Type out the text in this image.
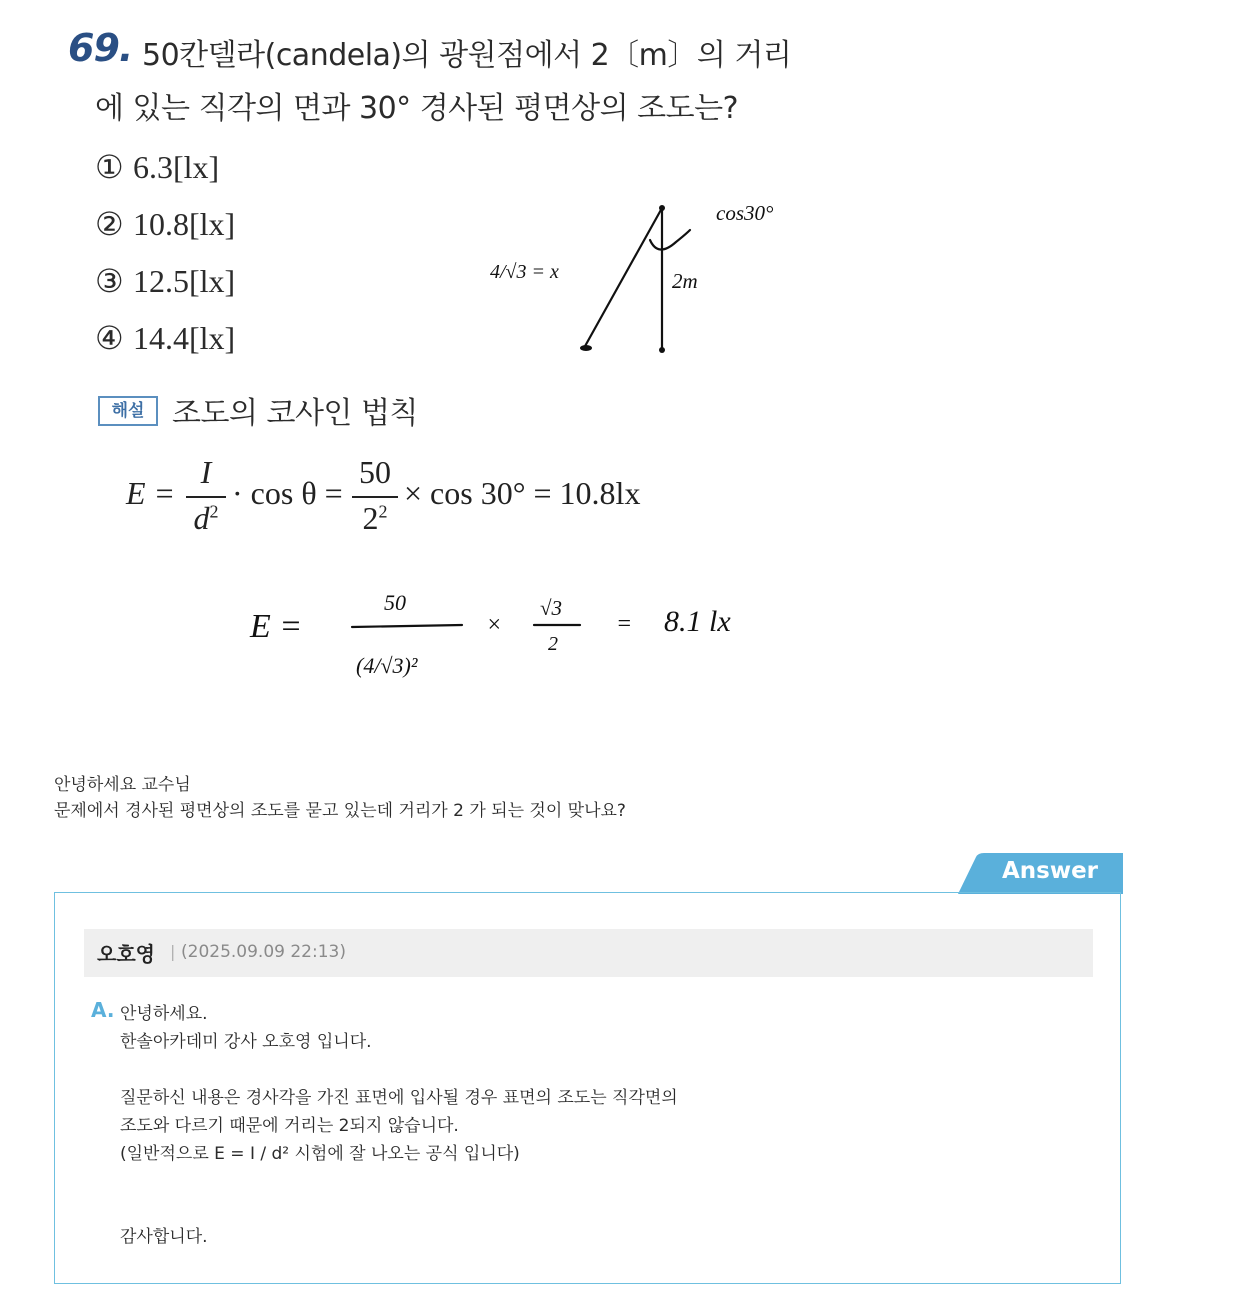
69. 50칸델라(candela)의 광원점에서 2〔m〕의 거리
에 있는 직각의 면과 30° 경사된 평면상의 조도는?
① 6.3[lx]
② 10.8[lx]
③ 12.5[lx]
④ 14.4[lx]
cos30°
2m
4/√3 = x
해설 조도의 코사인 법칙
E =
I
$d^2$
· cos θ =
50
$2^2$
× cos 30° = 10.8lx
E =
50
(4/√3)²
×
√3
2
= 8.1 lx
안녕하세요 교수님
문제에서 경사된 평면상의 조도를 묻고 있는데 거리가 2 가 되는 것이 맞나요?
Answer
오호영 | (2025.09.09 22:13)
A. 안녕하세요.
한솔아카데미 강사 오호영 입니다.
질문하신 내용은 경사각을 가진 표면에 입사될 경우 표면의 조도는 직각면의
조도와 다르기 때문에 거리는 2되지 않습니다.
(일반적으로 E = I / d² 시험에 잘 나오는 공식 입니다)
감사합니다.
